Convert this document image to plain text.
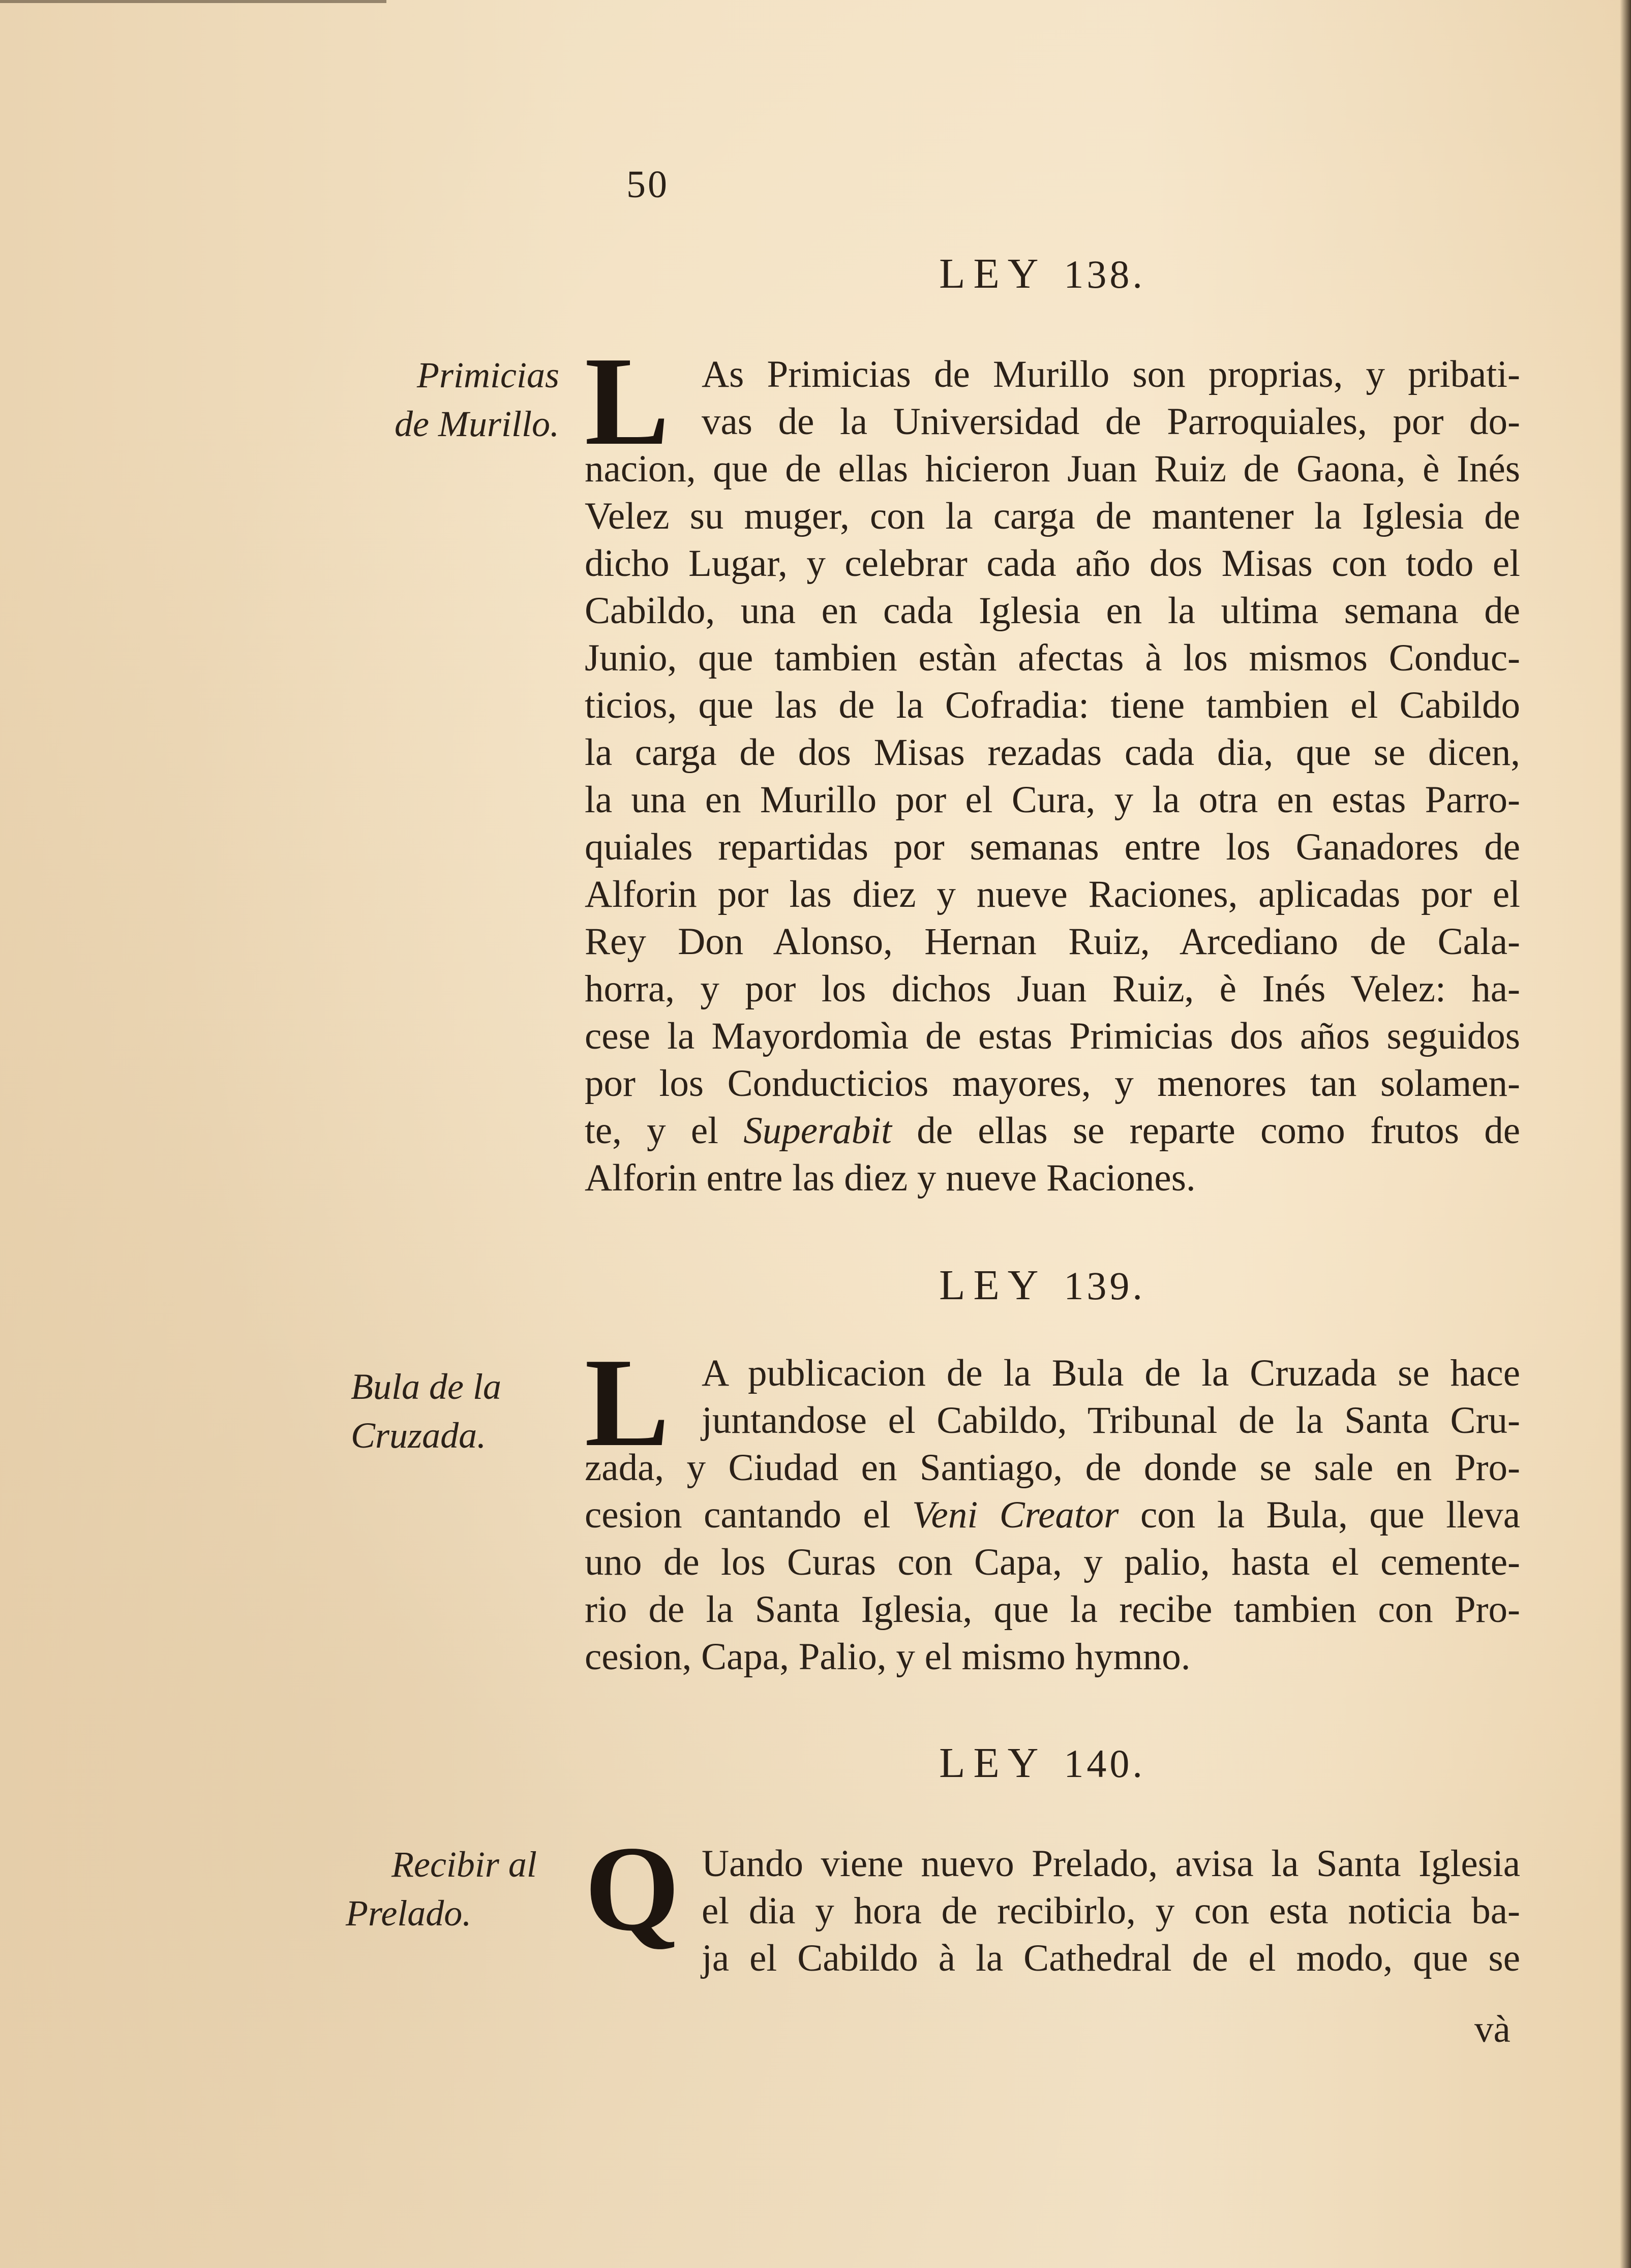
50
LEY 138.
Primicias
de Murillo. L As Primicias de Murillo son proprias, y pribati-
vas de la Universidad de Parroquiales, por do-
nacion, que de ellas hicieron Juan Ruiz de Gaona, è Inés
Velez su muger, con la carga de mantener la Iglesia de
dicho Lugar, y celebrar cada año dos Misas con todo el
Cabildo, una en cada Iglesia en la ultima semana de
Junio, que tambien estàn afectas à los mismos Conduc-
ticios, que las de la Cofradia: tiene tambien el Cabildo
la carga de dos Misas rezadas cada dia, que se dicen,
la una en Murillo por el Cura, y la otra en estas Parro-
quiales repartidas por semanas entre los Ganadores de
Alforin por las diez y nueve Raciones, aplicadas por el
Rey Don Alonso, Hernan Ruiz, Arcediano de Cala-
horra, y por los dichos Juan Ruiz, è Inés Velez: ha-
cese la Mayordomìa de estas Primicias dos años seguidos
por los Conducticios mayores, y menores tan solamen-
te, y el Superabit de ellas se reparte como frutos de
Alforin entre las diez y nueve Raciones.
LEY 139.
Bula de la
Cruzada. L A publicacion de la Bula de la Cruzada se hace
juntandose el Cabildo, Tribunal de la Santa Cru-
zada, y Ciudad en Santiago, de donde se sale en Pro-
cesion cantando el Veni Creator con la Bula, que lleva
uno de los Curas con Capa, y palio, hasta el cemente-
rio de la Santa Iglesia, que la recibe tambien con Pro-
cesion, Capa, Palio, y el mismo hymno.
LEY 140.
Recibir al
Prelado. Q Uando viene nuevo Prelado, avisa la Santa Iglesia
el dia y hora de recibirlo, y con esta noticia ba-
ja el Cabildo à la Cathedral de el modo, que se
và
